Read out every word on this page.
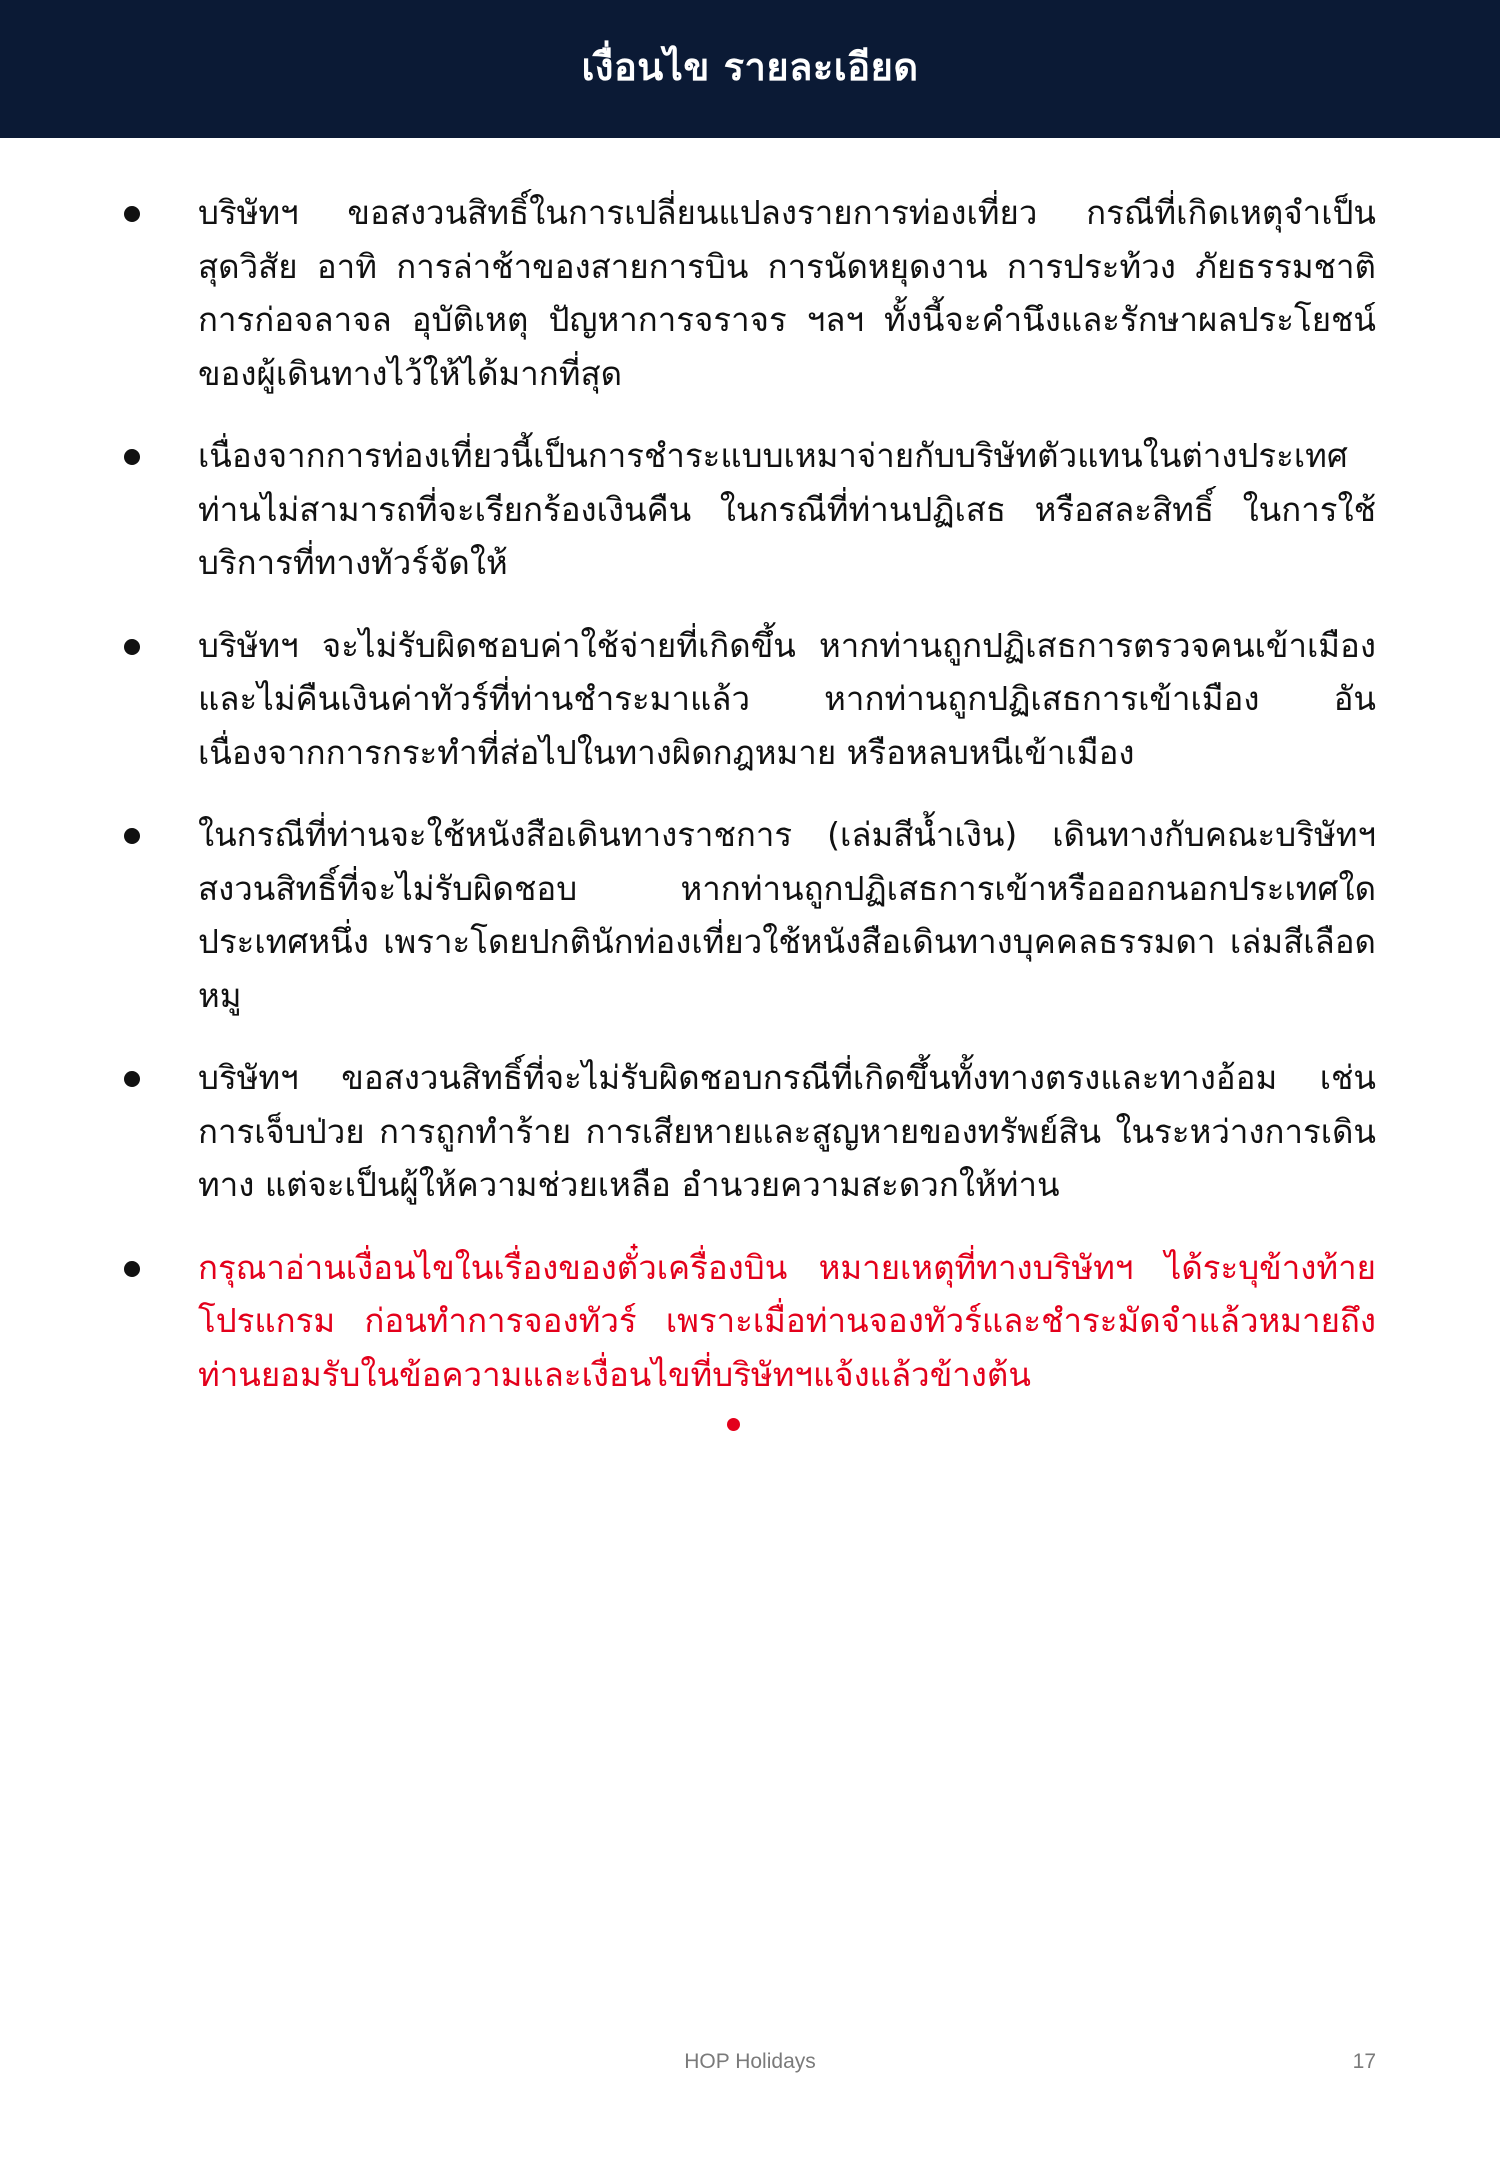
เงื่อนไข รายละเอียด
บริษัทฯ ขอสงวนสิทธิ์ในการเปลี่ยนแปลงรายการท่องเที่ยว กรณีที่เกิดเหตุจำเป็น สุดวิสัย อาทิ การล่าช้าของสายการบิน การนัดหยุดงาน การประท้วง ภัยธรรมชาติ การก่อจลาจล อุบัติเหตุ ปัญหาการจราจร ฯลฯ ทั้งนี้จะคำนึงและรักษาผลประโยชน์ของผู้เดินทางไว้ให้ได้มากที่สุด
เนื่องจากการท่องเที่ยวนี้เป็นการชำระแบบเหมาจ่ายกับบริษัทตัวแทนในต่างประเทศท่านไม่สามารถที่จะเรียกร้องเงินคืน ในกรณีที่ท่านปฏิเสธ หรือสละสิทธิ์ ในการใช้บริการที่ทางทัวร์จัดให้
บริษัทฯ จะไม่รับผิดชอบค่าใช้จ่ายที่เกิดขึ้น หากท่านถูกปฏิเสธการตรวจคนเข้าเมือง และไม่คืนเงินค่าทัวร์ที่ท่านชำระมาแล้ว หากท่านถูกปฏิเสธการเข้าเมือง อันเนื่องจากการกระทำที่ส่อไปในทางผิดกฎหมาย หรือหลบหนีเข้าเมือง
ในกรณีที่ท่านจะใช้หนังสือเดินทางราชการ (เล่มสีน้ำเงิน) เดินทางกับคณะบริษัทฯ สงวนสิทธิ์ที่จะไม่รับผิดชอบ หากท่านถูกปฏิเสธการเข้าหรือออกนอกประเทศใดประเทศหนึ่ง เพราะโดยปกตินักท่องเที่ยวใช้หนังสือเดินทางบุคคลธรรมดา เล่มสีเลือดหมู
บริษัทฯ ขอสงวนสิทธิ์ที่จะไม่รับผิดชอบกรณีที่เกิดขึ้นทั้งทางตรงและทางอ้อม เช่น การเจ็บป่วย การถูกทำร้าย การเสียหายและสูญหายของทรัพย์สิน ในระหว่างการเดินทาง แต่จะเป็นผู้ให้ความช่วยเหลือ อำนวยความสะดวกให้ท่าน
กรุณาอ่านเงื่อนไขในเรื่องของตั๋วเครื่องบิน หมายเหตุที่ทางบริษัทฯ ได้ระบุข้างท้ายโปรแกรม ก่อนทำการจองทัวร์ เพราะเมื่อท่านจองทัวร์และชำระมัดจำแล้วหมายถึงท่านยอมรับในข้อความและเงื่อนไขที่บริษัทฯแจ้งแล้วข้างต้น
HOP Holidays	17
